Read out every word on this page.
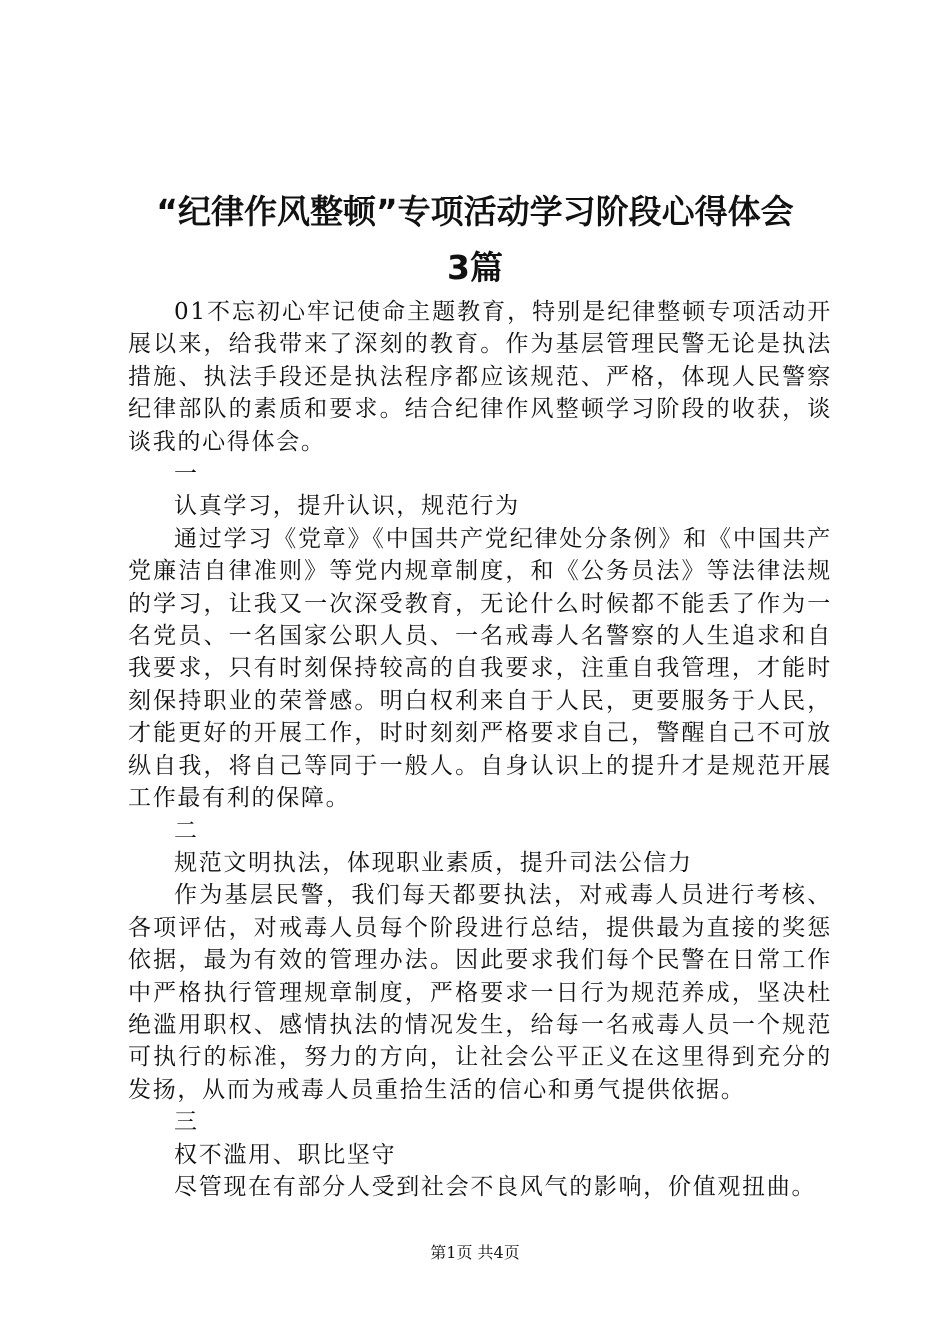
“纪律作风整顿”专项活动学习阶段心得体会
3篇

01不忘初心牢记使命主题教育，特别是纪律整顿专项活动开展以来，给我带来了深刻的教育。作为基层管理民警无论是执法措施、执法手段还是执法程序都应该规范、严格，体现人民警察纪律部队的素质和要求。结合纪律作风整顿学习阶段的收获，谈谈我的心得体会。

一

认真学习，提升认识，规范行为

通过学习《党章》《中国共产党纪律处分条例》和《中国共产党廉洁自律准则》等党内规章制度，和《公务员法》等法律法规的学习，让我又一次深受教育，无论什么时候都不能丢了作为一名党员、一名国家公职人员、一名戒毒人名警察的人生追求和自我要求，只有时刻保持较高的自我要求，注重自我管理，才能时刻保持职业的荣誉感。明白权利来自于人民，更要服务于人民，才能更好的开展工作，时时刻刻严格要求自己，警醒自己不可放纵自我，将自己等同于一般人。自身认识上的提升才是规范开展工作最有利的保障。

二

规范文明执法，体现职业素质，提升司法公信力

作为基层民警，我们每天都要执法，对戒毒人员进行考核、各项评估，对戒毒人员每个阶段进行总结，提供最为直接的奖惩依据，最为有效的管理办法。因此要求我们每个民警在日常工作中严格执行管理规章制度，严格要求一日行为规范养成，坚决杜绝滥用职权、感情执法的情况发生，给每一名戒毒人员一个规范可执行的标准，努力的方向，让社会公平正义在这里得到充分的发扬，从而为戒毒人员重拾生活的信心和勇气提供依据。

三

权不滥用、职比坚守

尽管现在有部分人受到社会不良风气的影响，价值观扭曲。

第1页 共4页
